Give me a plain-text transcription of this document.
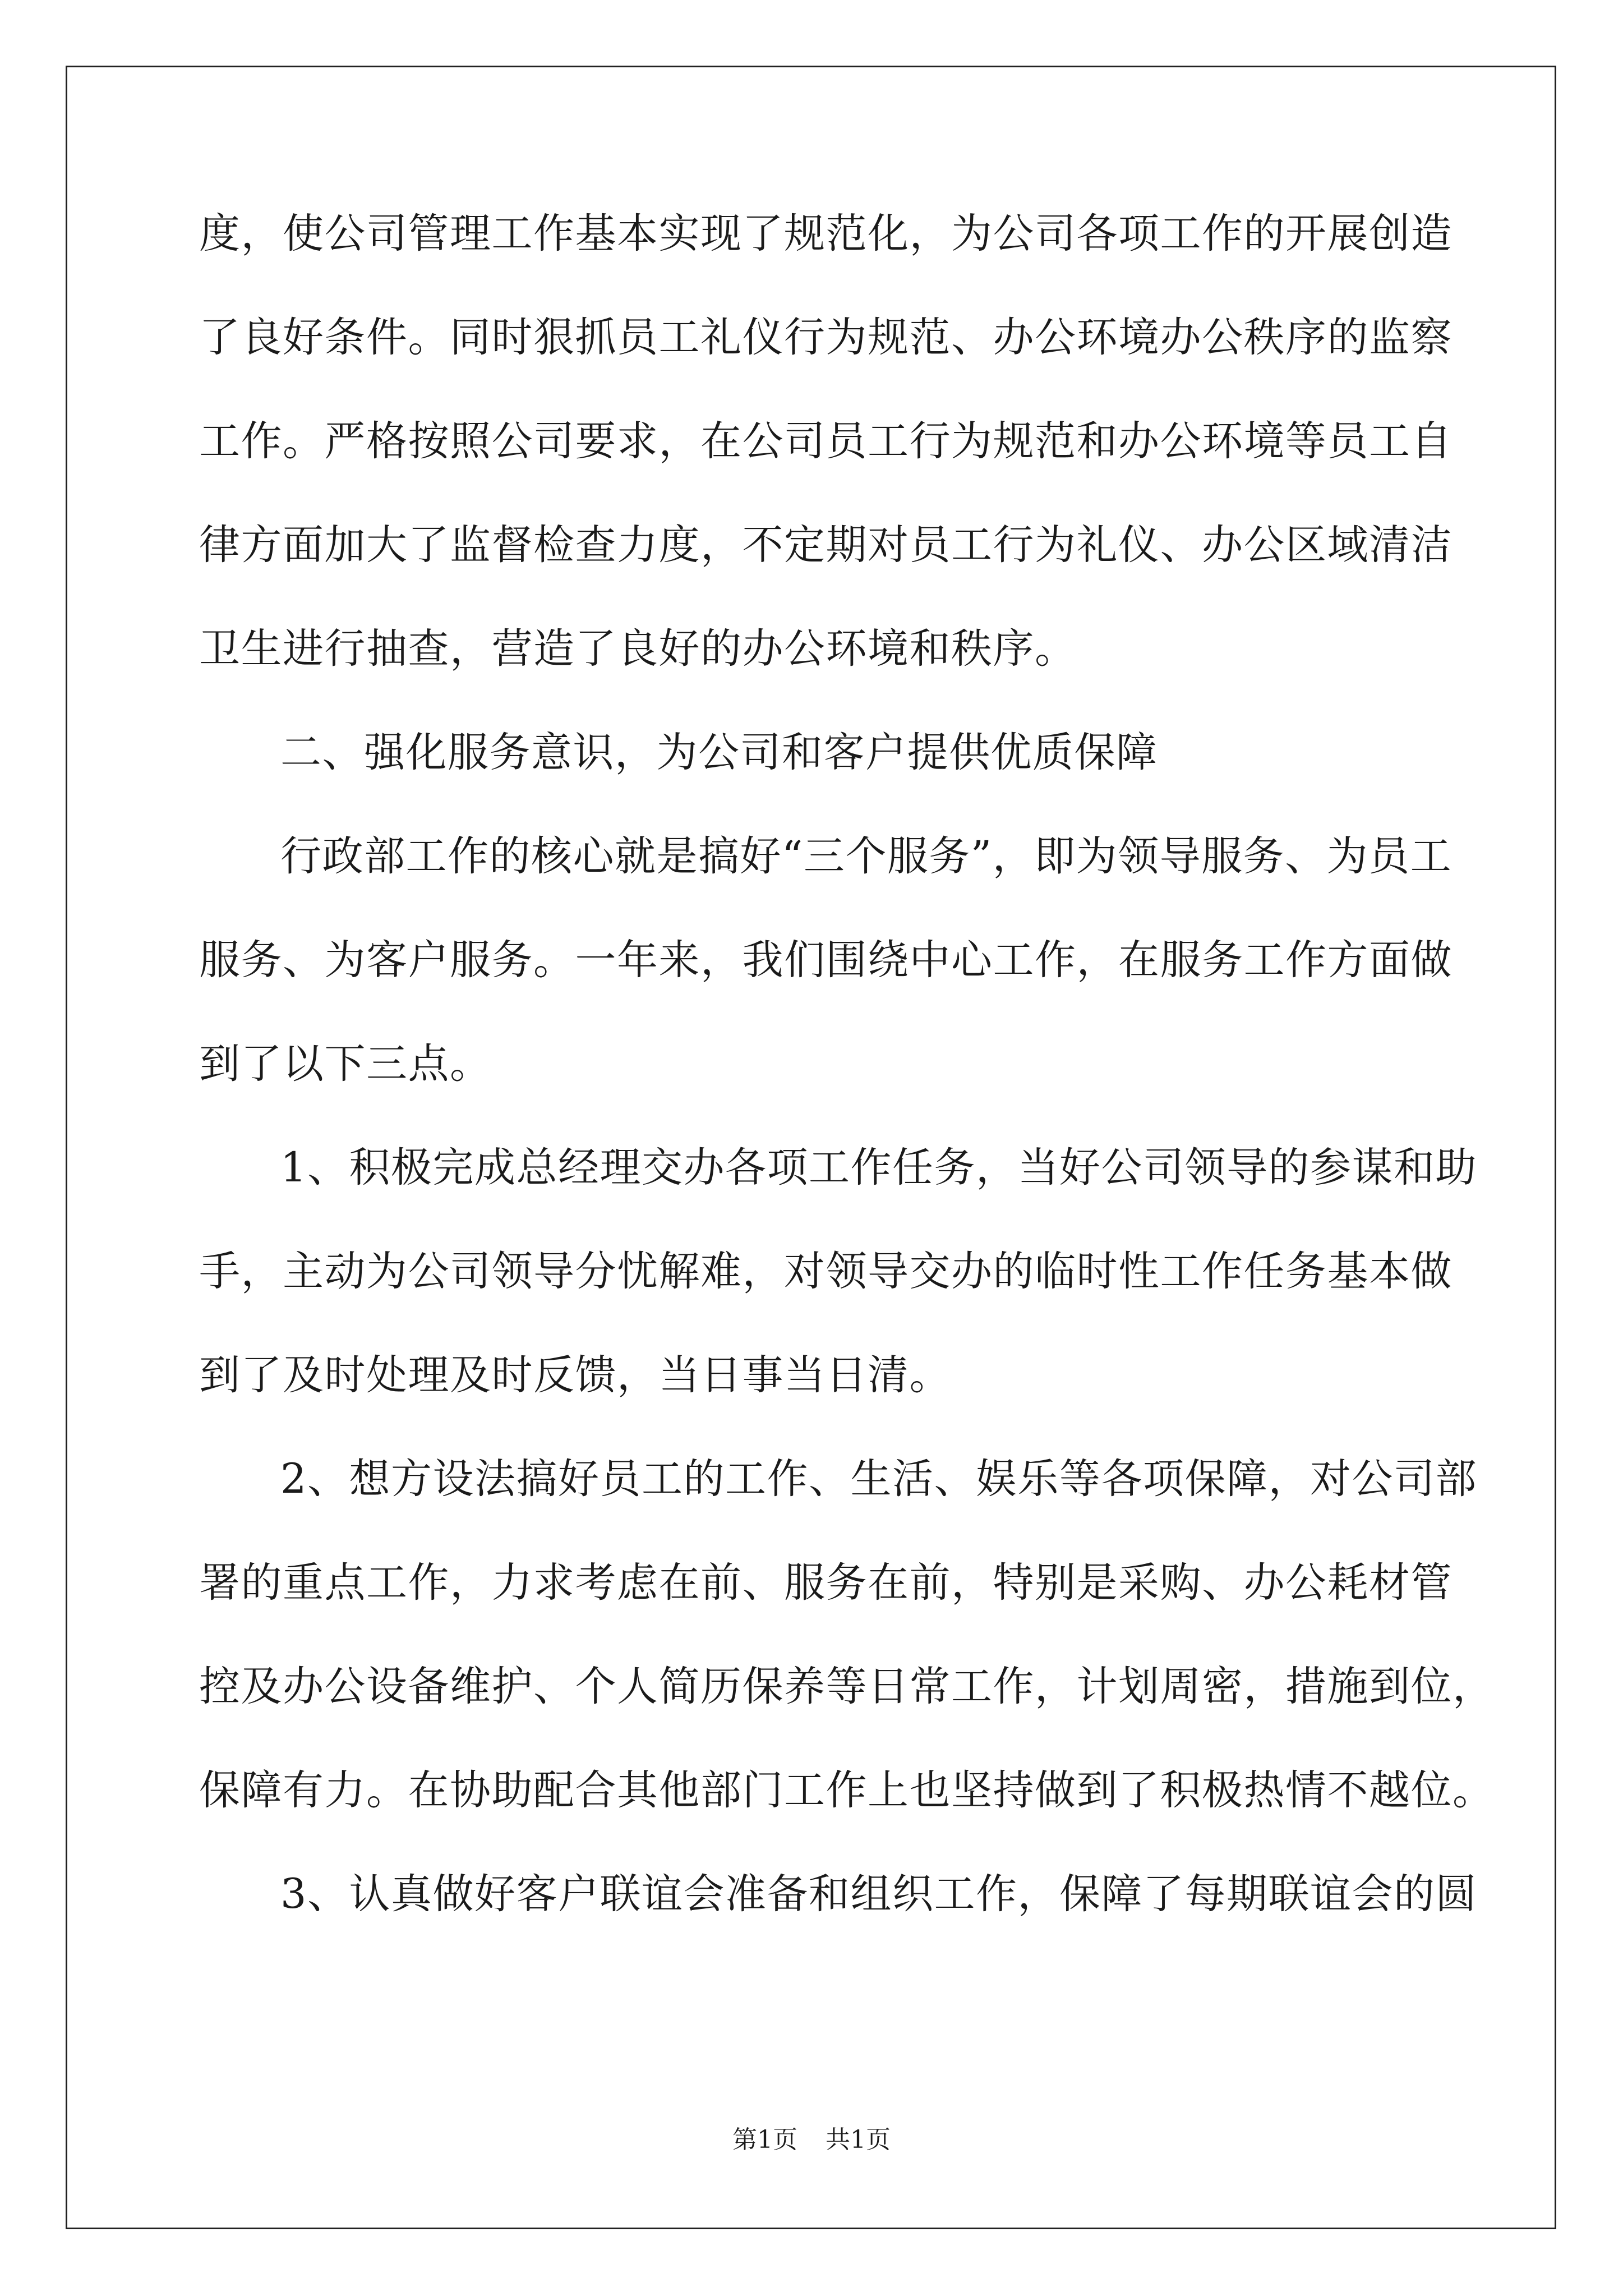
度，使公司管理工作基本实现了规范化，为公司各项工作的开展创造
了良好条件。同时狠抓员工礼仪行为规范、办公环境办公秩序的监察
工作。严格按照公司要求，在公司员工行为规范和办公环境等员工自
律方面加大了监督检查力度，不定期对员工行为礼仪、办公区域清洁
卫生进行抽查，营造了良好的办公环境和秩序。
二、强化服务意识，为公司和客户提供优质保障
行政部工作的核心就是搞好“三个服务”，即为领导服务、为员工
服务、为客户服务。一年来，我们围绕中心工作，在服务工作方面做
到了以下三点。
1、积极完成总经理交办各项工作任务，当好公司领导的参谋和助
手，主动为公司领导分忧解难，对领导交办的临时性工作任务基本做
到了及时处理及时反馈，当日事当日清。
2、想方设法搞好员工的工作、生活、娱乐等各项保障，对公司部
署的重点工作，力求考虑在前、服务在前，特别是采购、办公耗材管
控及办公设备维护、个人简历保养等日常工作，计划周密，措施到位，
保障有力。在协助配合其他部门工作上也坚持做到了积极热情不越位。
3、认真做好客户联谊会准备和组织工作，保障了每期联谊会的圆
第1页 共1页
